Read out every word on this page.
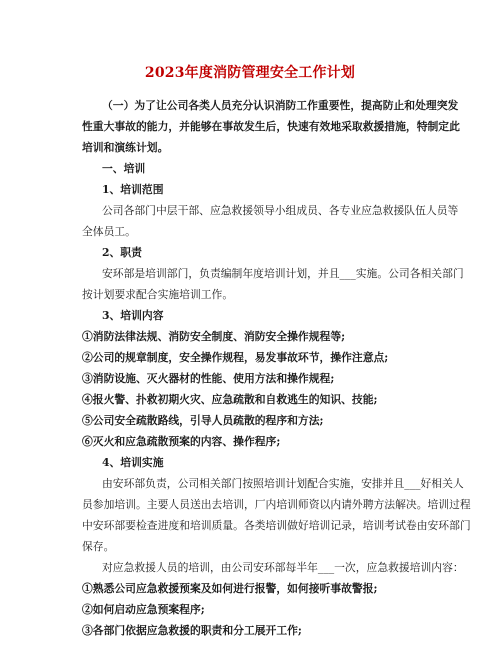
2023年度消防管理安全工作计划
（一）为了让公司各类人员充分认识消防工作重要性，提高防止和处理突发
性重大事故的能力，并能够在事故发生后，快速有效地采取救援措施，特制定此
培训和演练计划。
一、培训
1、培训范围
公司各部门中层干部、应急救援领导小组成员、各专业应急救援队伍人员等
全体员工。
2、职责
安环部是培训部门，负责编制年度培训计划，并且___实施。公司各相关部门
按计划要求配合实施培训工作。
3、培训内容
①消防法律法规、消防安全制度、消防安全操作规程等;
②公司的规章制度，安全操作规程，易发事故环节，操作注意点;
③消防设施、灭火器材的性能、使用方法和操作规程;
④报火警、扑救初期火灾、应急疏散和自救逃生的知识、技能;
⑤公司安全疏散路线，引导人员疏散的程序和方法;
⑥灭火和应急疏散预案的内容、操作程序;
4、培训实施
由安环部负责，公司相关部门按照培训计划配合实施，安排并且___好相关人
员参加培训。主要人员送出去培训，厂内培训师资以内请外聘方法解决。培训过程
中安环部要检查进度和培训质量。各类培训做好培训记录，培训考试卷由安环部门
保存。
对应急救援人员的培训，由公司安环部每半年___一次，应急救援培训内容：
①熟悉公司应急救援预案及如何进行报警，如何接听事故警报;
②如何启动应急预案程序;
③各部门依据应急救援的职责和分工展开工作;
